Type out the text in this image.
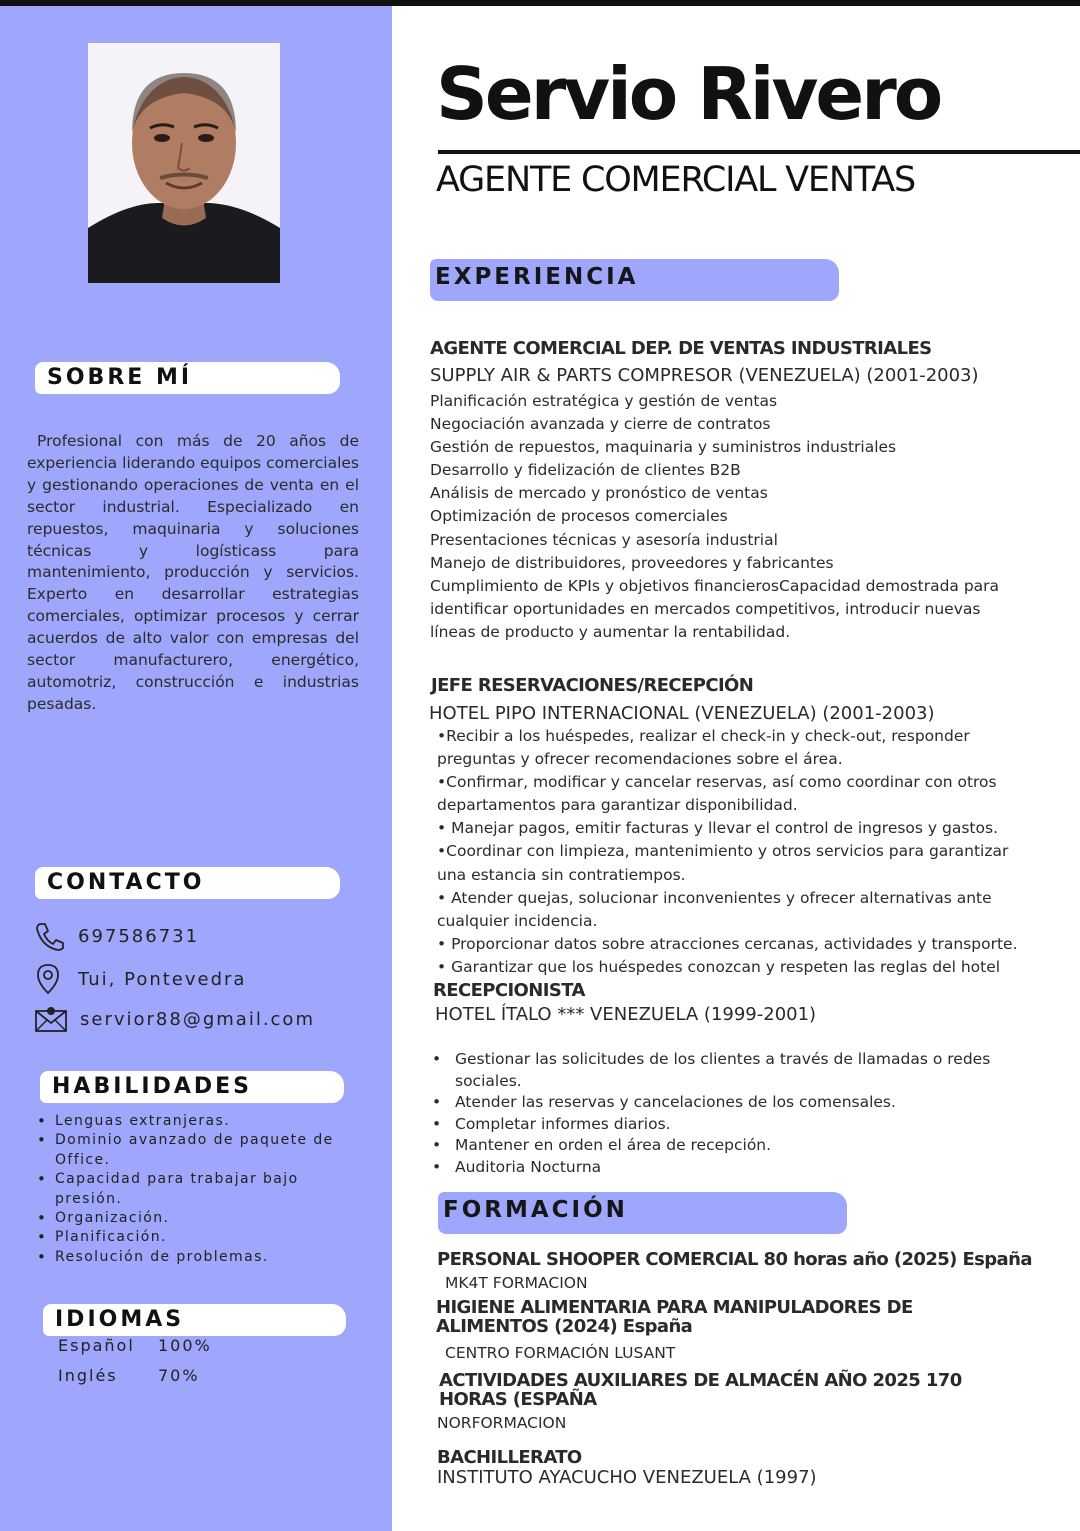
SOBRE MÍ
Profesional con más de 20 años de experiencia liderando equipos comerciales y gestionando operaciones de venta en el sector industrial. Especializado en repuestos, maquinaria y soluciones técnicas y logísticass para mantenimiento, producción y servicios. Experto en desarrollar estrategias comerciales, optimizar procesos y cerrar acuerdos de alto valor con empresas del sector manufacturero, energético, automotriz, construcción e industrias pesadas.
CONTACTO
697586731
Tui, Pontevedra
servior88@gmail.com
HABILIDADES
• Lenguas extranjeras.
• Dominio avanzado de paquete de Office.
• Capacidad para trabajar bajo presión.
• Organización.
• Planificación.
• Resolución de problemas.
IDIOMAS
Español 100%
Inglés	70%
Servio Rivero
AGENTE COMERCIAL VENTAS
EXPERIENCIA
AGENTE COMERCIAL DEP. DE VENTAS INDUSTRIALES
SUPPLY AIR & PARTS COMPRESOR (VENEZUELA) (2001-2003)
Planificación estratégica y gestión de ventas
Negociación avanzada y cierre de contratos
Gestión de repuestos, maquinaria y suministros industriales
Desarrollo y fidelización de clientes B2B
Análisis de mercado y pronóstico de ventas
Optimización de procesos comerciales
Presentaciones técnicas y asesoría industrial
Manejo de distribuidores, proveedores y fabricantes
Cumplimiento de KPIs y objetivos financierosCapacidad demostrada para
identificar oportunidades en mercados competitivos, introducir nuevas
líneas de producto y aumentar la rentabilidad.
JEFE RESERVACIONES/RECEPCIÓN
HOTEL PIPO INTERNACIONAL (VENEZUELA) (2001-2003)
•Recibir a los huéspedes, realizar el check-in y check-out, responder
preguntas y ofrecer recomendaciones sobre el área.
•Confirmar, modificar y cancelar reservas, así como coordinar con otros
departamentos para garantizar disponibilidad.
• Manejar pagos, emitir facturas y llevar el control de ingresos y gastos.
•Coordinar con limpieza, mantenimiento y otros servicios para garantizar
una estancia sin contratiempos.
• Atender quejas, solucionar inconvenientes y ofrecer alternativas ante
cualquier incidencia.
• Proporcionar datos sobre atracciones cercanas, actividades y transporte.
• Garantizar que los huéspedes conozcan y respeten las reglas del hotel
RECEPCIONISTA
HOTEL ÍTALO *** VENEZUELA (1999-2001)
• Gestionar las solicitudes de los clientes a través de llamadas o redes sociales.
• Atender las reservas y cancelaciones de los comensales.
• Completar informes diarios.
• Mantener en orden el área de recepción.
• Auditoria Nocturna
FORMACIÓN
PERSONAL SHOOPER COMERCIAL 80 horas año (2025) España
MK4T FORMACION
HIGIENE ALIMENTARIA PARA MANIPULADORES DE ALIMENTOS (2024) España
CENTRO FORMACIÓN LUSANT
ACTIVIDADES AUXILIARES DE ALMACÉN AÑO 2025 170 HORAS (ESPAÑA
NORFORMACION
BACHILLERATO
INSTITUTO AYACUCHO VENEZUELA (1997)
